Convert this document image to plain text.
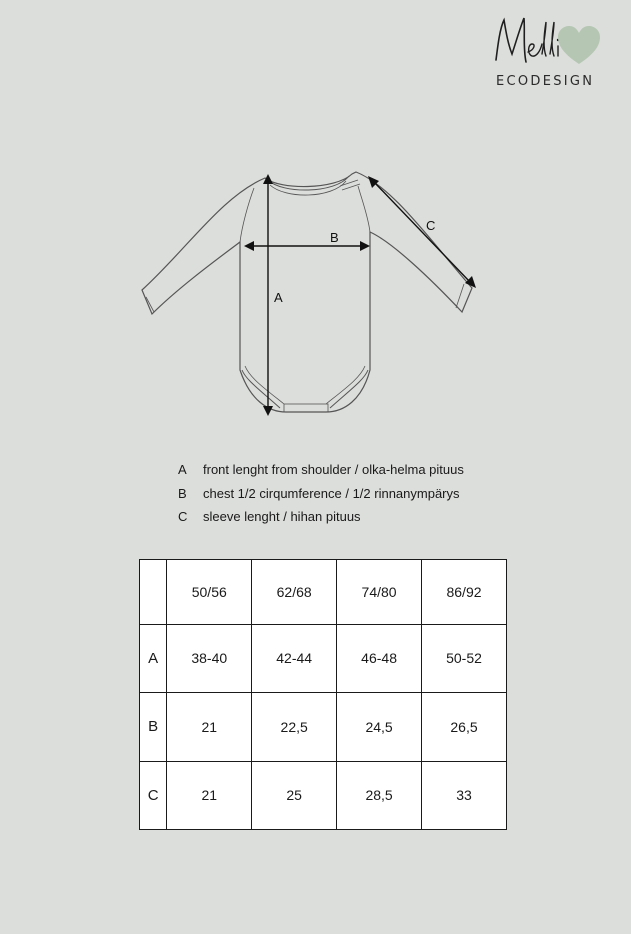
ECODESIGN
A
B
C
A	front lenght from shoulder / olka-helma pituus
B	chest 1/2 cirqumference / 1/2 rinnanympärys
C	sleeve lenght / hihan pituus
	50/56	62/68	74/80	86/92
A	38-40	42-44	46-48	50-52
B	21	22,5	24,5	26,5
C	21	25	28,5	33
